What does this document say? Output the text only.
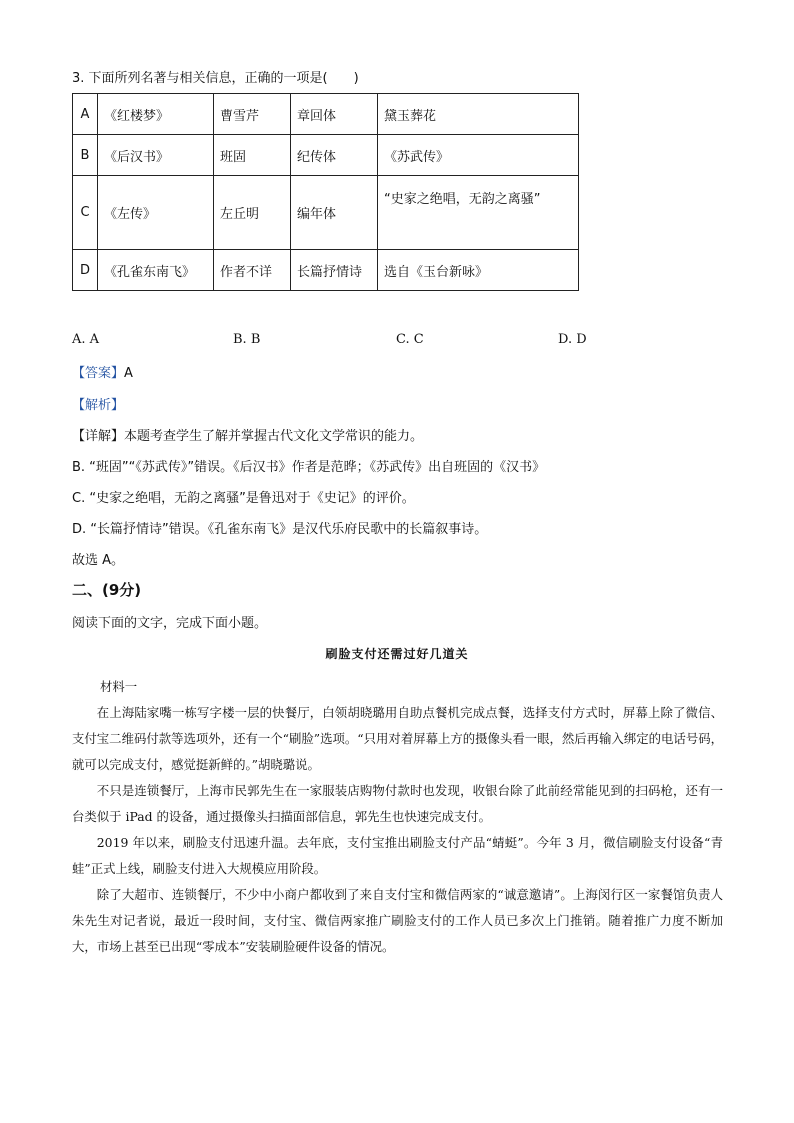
3. 下面所列名著与相关信息，正确的一项是(　　)
A	《红楼梦》	曹雪芹	章回体	黛玉葬花
B	《后汉书》	班固	纪传体	《苏武传》
C	《左传》	左丘明	编年体	“史家之绝唱，无韵之离骚”
D	《孔雀东南飞》	作者不详	长篇抒情诗	选自《玉台新咏》
A. A	B. B	C. C	D. D
【答案】A
【解析】
【详解】本题考查学生了解并掌握古代文化文学常识的能力。
B. “班固”“《苏武传》”错误。《后汉书》作者是范晔；《苏武传》出自班固的《汉书》
C. “史家之绝唱，无韵之离骚”是鲁迅对于《史记》的评价。
D. “长篇抒情诗”错误。《孔雀东南飞》是汉代乐府民歌中的长篇叙事诗。
故选 A。
二、(9分)
阅读下面的文字，完成下面小题。
刷脸支付还需过好几道关
材料一

在上海陆家嘴一栋写字楼一层的快餐厅，白领胡晓璐用自助点餐机完成点餐，选择支付方式时，屏幕上除了微信、支付宝二维码付款等选项外，还有一个“刷脸”选项。“只用对着屏幕上方的摄像头看一眼，然后再输入绑定的电话号码，就可以完成支付，感觉挺新鲜的。”胡晓璐说。

不只是连锁餐厅，上海市民郭先生在一家服装店购物付款时也发现，收银台除了此前经常能见到的扫码枪，还有一台类似于 iPad 的设备，通过摄像头扫描面部信息，郭先生也快速完成支付。

2019 年以来，刷脸支付迅速升温。去年底，支付宝推出刷脸支付产品“蜻蜓”。今年 3 月，微信刷脸支付设备“青蛙”正式上线，刷脸支付进入大规模应用阶段。

除了大超市、连锁餐厅，不少中小商户都收到了来自支付宝和微信两家的“诚意邀请”。上海闵行区一家餐馆负责人朱先生对记者说，最近一段时间，支付宝、微信两家推广刷脸支付的工作人员已多次上门推销。随着推广力度不断加大，市场上甚至已出现“零成本”安装刷脸硬件设备的情况。
